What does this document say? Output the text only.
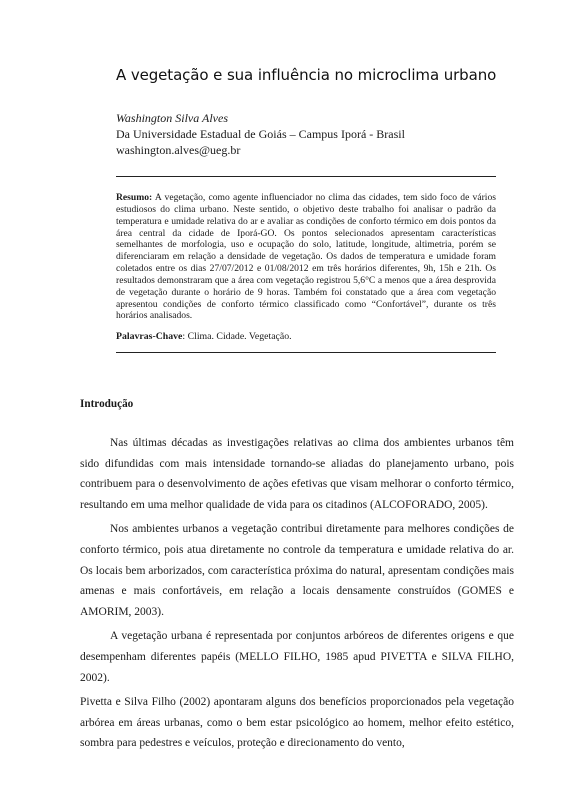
A vegetação e sua influência no microclima urbano
Washington Silva Alves
Da Universidade Estadual de Goiás – Campus Iporá - Brasil
washington.alves@ueg.br

Resumo: A vegetação, como agente influenciador no clima das cidades, tem sido foco de vários estudiosos do clima urbano. Neste sentido, o objetivo deste trabalho foi analisar o padrão da temperatura e umidade relativa do ar e avaliar as condições de conforto térmico em dois pontos da área central da cidade de Iporá-GO. Os pontos selecionados apresentam características semelhantes de morfologia, uso e ocupação do solo, latitude, longitude, altimetria, porém se diferenciaram em relação a densidade de vegetação. Os dados de temperatura e umidade foram coletados entre os dias 27/07/2012 e 01/08/2012 em três horários diferentes, 9h, 15h e 21h. Os resultados demonstraram que a área com vegetação registrou 5,6°C a menos que a área desprovida de vegetação durante o horário de 9 horas. Também foi constatado que a área com vegetação apresentou condições de conforto térmico classificado como “Confortável”, durante os três horários analisados.

Palavras-Chave: Clima. Cidade. Vegetação.

Introdução

Nas últimas décadas as investigações relativas ao clima dos ambientes urbanos têm sido difundidas com mais intensidade tornando-se aliadas do planejamento urbano, pois contribuem para o desenvolvimento de ações efetivas que visam melhorar o conforto térmico, resultando em uma melhor qualidade de vida para os citadinos (ALCOFORADO, 2005).

Nos ambientes urbanos a vegetação contribui diretamente para melhores condições de conforto térmico, pois atua diretamente no controle da temperatura e umidade relativa do ar. Os locais bem arborizados, com característica próxima do natural, apresentam condições mais amenas e mais confortáveis, em relação a locais densamente construídos (GOMES e AMORIM, 2003).

A vegetação urbana é representada por conjuntos arbóreos de diferentes origens e que desempenham diferentes papéis (MELLO FILHO, 1985 apud PIVETTA e SILVA FILHO, 2002).

Pivetta e Silva Filho (2002) apontaram alguns dos benefícios proporcionados pela vegetação arbórea em áreas urbanas, como o bem estar psicológico ao homem, melhor efeito estético, sombra para pedestres e veículos, proteção e direcionamento do vento,
